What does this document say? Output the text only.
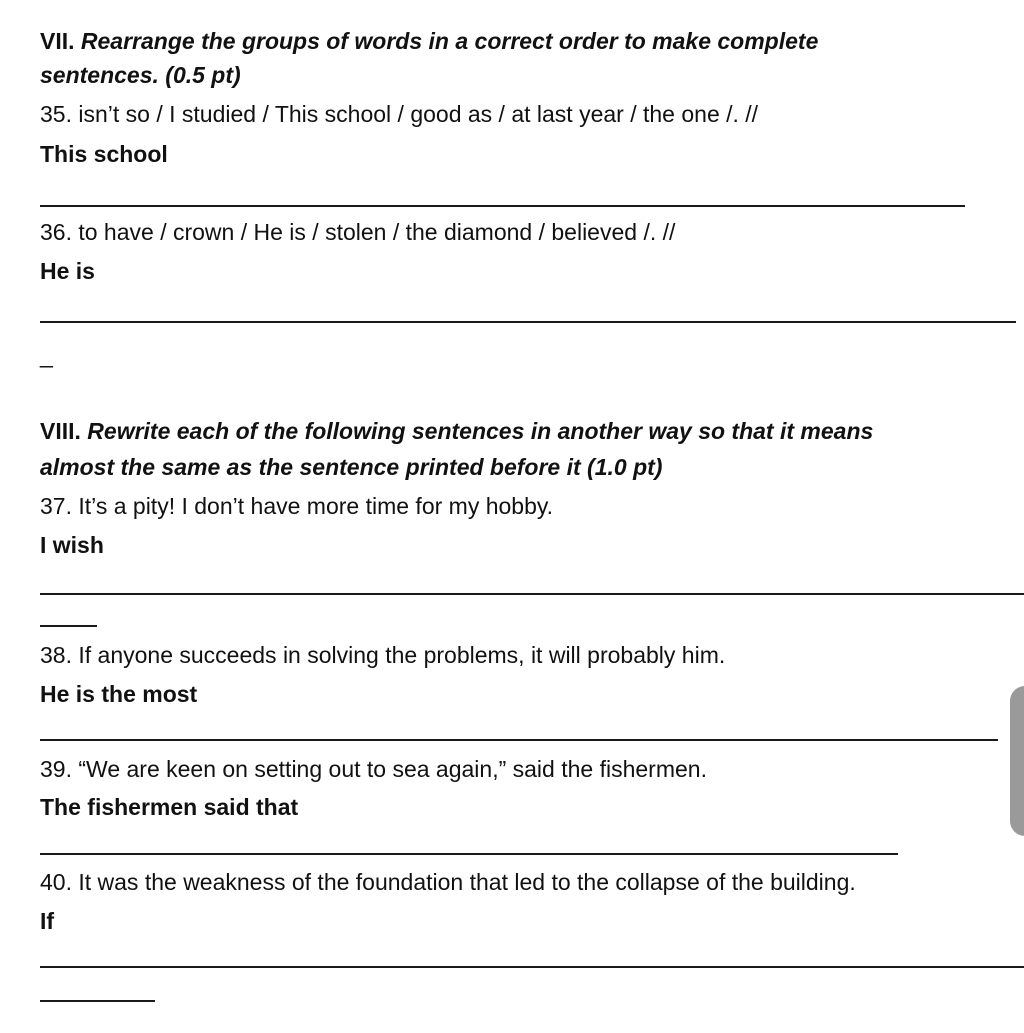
VII. Rearrange the groups of words in a correct order to make complete
sentences. (0.5 pt)
35. isn’t so / I studied / This school / good as / at last year / the one /. //
This school
36. to have / crown / He is / stolen / the diamond / believed /. //
He is
_
VIII. Rewrite each of the following sentences in another way so that it means
almost the same as the sentence printed before it (1.0 pt)
37. It’s a pity! I don’t have more time for my hobby.
I wish
38. If anyone succeeds in solving the problems, it will probably him.
He is the most
39. “We are keen on setting out to sea again,” said the fishermen.
The fishermen said that
40. It was the weakness of the foundation that led to the collapse of the building.
If
